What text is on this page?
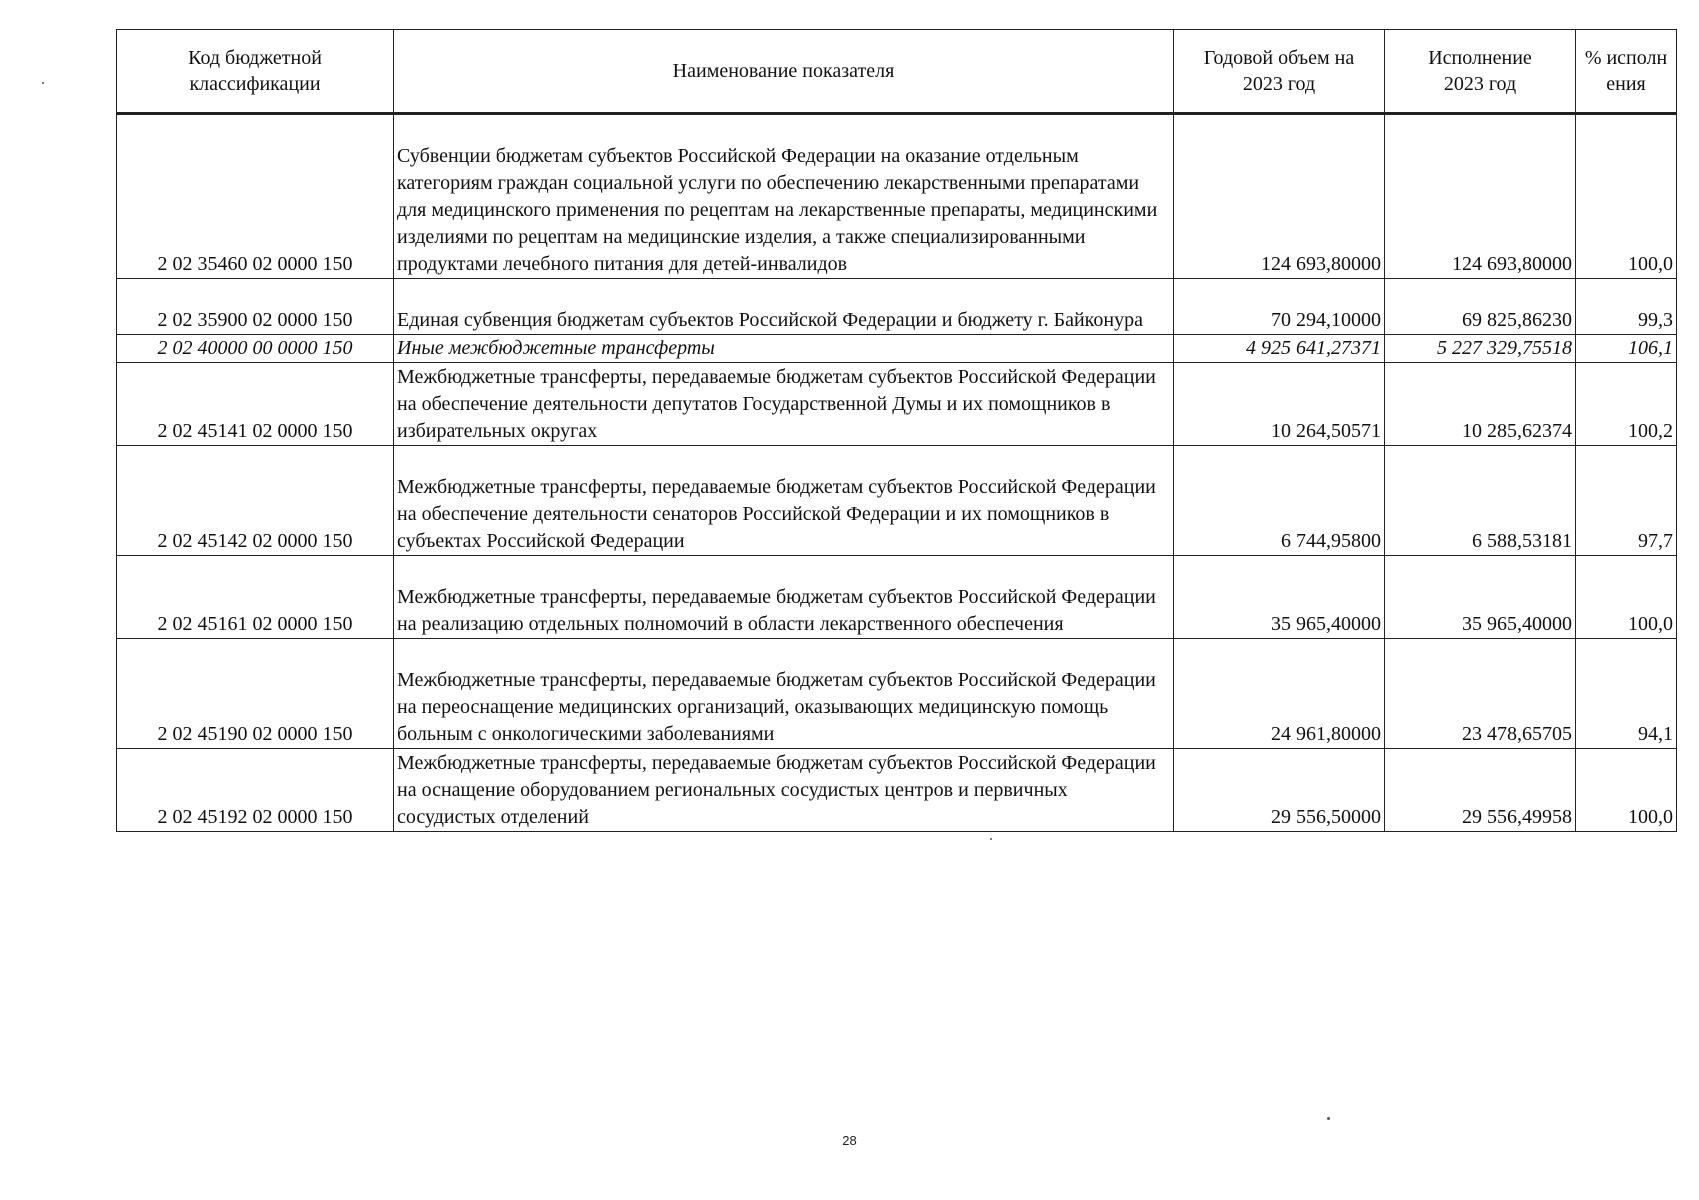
Код бюджетной классификации	Наименование показателя	Годовой объем на 2023 год	Исполнение 2023 год	% исполнения
2 02 35460 02 0000 150	Субвенции бюджетам субъектов Российской Федерации на оказание отдельным категориям граждан социальной услуги по обеспечению лекарственными препаратами для медицинского применения по рецептам на лекарственные препараты, медицинскими изделиями по рецептам на медицинские изделия, а также специализированными продуктами лечебного питания для детей-инвалидов	124 693,80000	124 693,80000	100,0
2 02 35900 02 0000 150	Единая субвенция бюджетам субъектов Российской Федерации и бюджету г. Байконура	70 294,10000	69 825,86230	99,3
2 02 40000 00 0000 150	Иные межбюджетные трансферты	4 925 641,27371	5 227 329,75518	106,1
2 02 45141 02 0000 150	Межбюджетные трансферты, передаваемые бюджетам субъектов Российской Федерации на обеспечение деятельности депутатов Государственной Думы и их помощников в избирательных округах	10 264,50571	10 285,62374	100,2
2 02 45142 02 0000 150	Межбюджетные трансферты, передаваемые бюджетам субъектов Российской Федерации на обеспечение деятельности сенаторов Российской Федерации и их помощников в субъектах Российской Федерации	6 744,95800	6 588,53181	97,7
2 02 45161 02 0000 150	Межбюджетные трансферты, передаваемые бюджетам субъектов Российской Федерации на реализацию отдельных полномочий в области лекарственного обеспечения	35 965,40000	35 965,40000	100,0
2 02 45190 02 0000 150	Межбюджетные трансферты, передаваемые бюджетам субъектов Российской Федерации на переоснащение медицинских организаций, оказывающих медицинскую помощь больным с онкологическими заболеваниями	24 961,80000	23 478,65705	94,1
2 02 45192 02 0000 150	Межбюджетные трансферты, передаваемые бюджетам субъектов Российской Федерации на оснащение оборудованием региональных сосудистых центров и первичных сосудистых отделений	29 556,50000	29 556,49958	100,0
28
